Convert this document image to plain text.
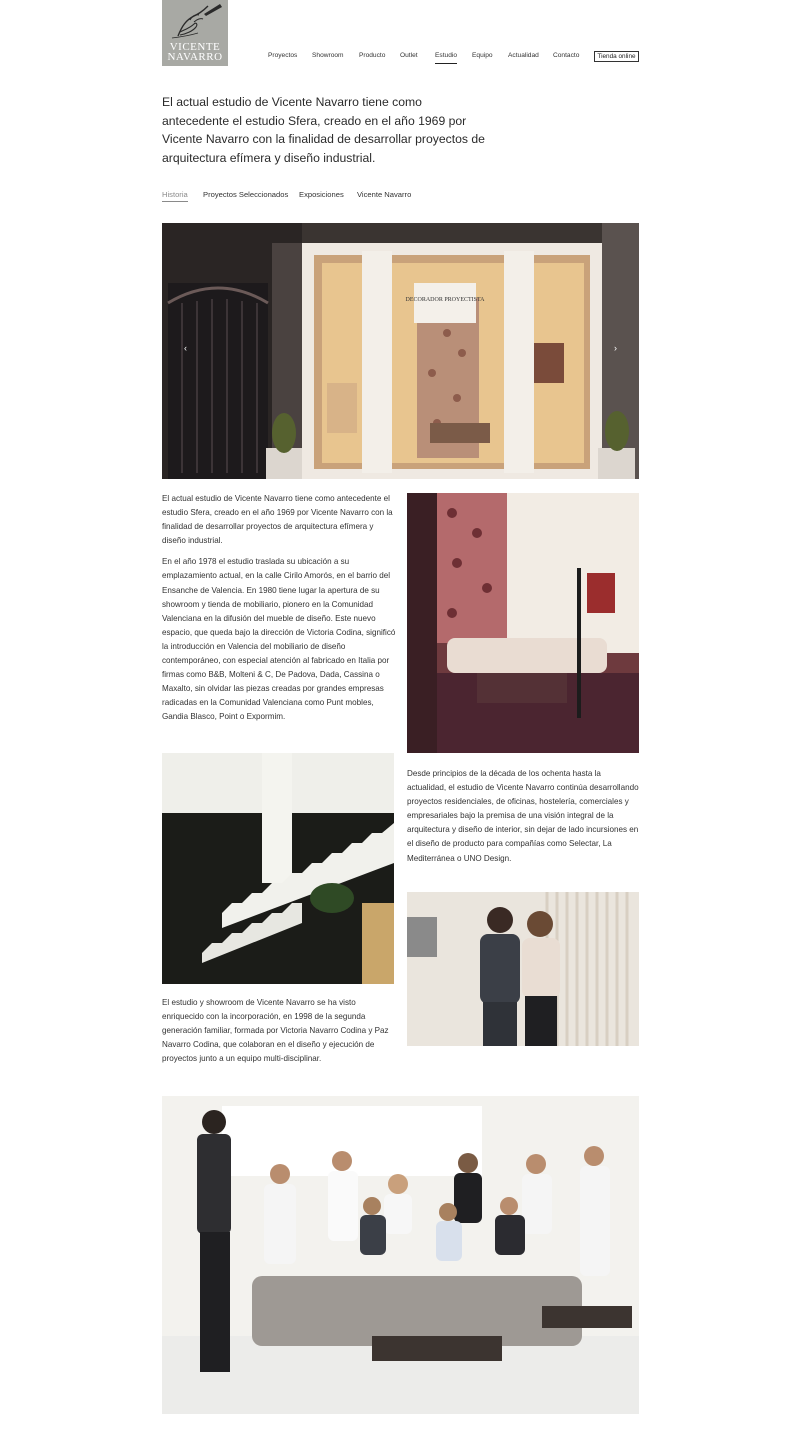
VICENTE
NAVARRO	Proyectos Showroom Producto Outlet	Estudio Equipo Actualidad Contacto	Tienda online

El actual estudio de Vicente Navarro tiene como antecedente el estudio Sfera, creado en el año 1969 por Vicente Navarro con la finalidad de desarrollar proyectos de arquitectura efímera y diseño industrial.

Historia Proyectos Seleccionados Exposiciones Vicente Navarro
DECORADOR PROYECTISTA
‹	›

El actual estudio de Vicente Navarro tiene como antecedente el estudio Sfera, creado en el año 1969 por Vicente Navarro con la finalidad de desarrollar proyectos de arquitectura efímera y diseño industrial.

En el año 1978 el estudio traslada su ubicación a su emplazamiento actual, en la calle Cirilo Amorós, en el barrio del Ensanche de Valencia. En 1980 tiene lugar la apertura de su showroom y tienda de mobiliario, pionero en la Comunidad Valenciana en la difusión del mueble de diseño. Este nuevo espacio, que queda bajo la dirección de Victoria Codina, significó la introducción en Valencia del mobiliario de diseño contemporáneo, con especial atención al fabricado en Italia por firmas como B&B, Molteni & C, De Padova, Dada, Cassina o Maxalto, sin olvidar las piezas creadas por grandes empresas radicadas en la Comunidad Valenciana como Punt mobles, Gandia Blasco, Point o Expormim.

Desde principios de la década de los ochenta hasta la actualidad, el estudio de Vicente Navarro continúa desarrollando proyectos residenciales, de oficinas, hostelería, comerciales y empresariales bajo la premisa de una visión integral de la arquitectura y diseño de interior, sin dejar de lado incursiones en el diseño de producto para compañías como Selectar, La Mediterránea o UNO Design.

El estudio y showroom de Vicente Navarro se ha visto enriquecido con la incorporación, en 1998 de la segunda generación familiar, formada por Victoria Navarro Codina y Paz Navarro Codina, que colaboran en el diseño y ejecución de proyectos junto a un equipo multi-disciplinar.
